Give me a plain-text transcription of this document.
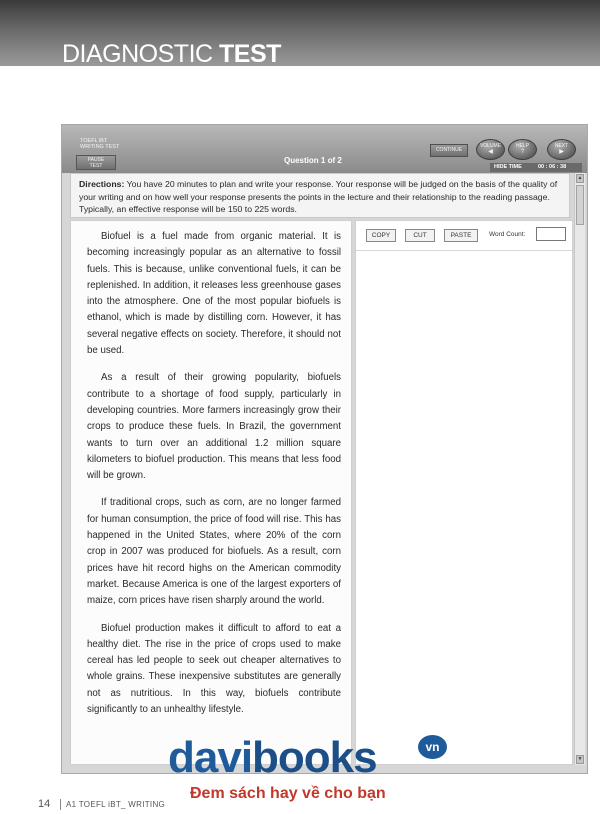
DIAGNOSTIC TEST
TOEFL iBT
WRITING TEST
PAUSE
TEST
Question 1 of 2
CONTINUE
VOLUME
◀
HELP
?
NEXT
▶
HIDE TIME	00 : 06 : 38
Directions: You have 20 minutes to plan and write your response. Your response will be judged on the basis of the quality of your writing and on how well your response presents the points in the lecture and their relationship to the reading passage. Typically, an effective response will be 150 to 225 words.

Biofuel is a fuel made from organic material. It is becoming increasingly popular as an alternative to fossil fuels. This is because, unlike conventional fuels, it can be replenished. In addition, it releases less greenhouse gases into the atmosphere. One of the most popular biofuels is ethanol, which is made by distilling corn. However, it has several negative effects on society. Therefore, it should not be used.

As a result of their growing popularity, biofuels contribute to a shortage of food supply, particularly in developing countries. More farmers increasingly grow their crops to produce these fuels. In Brazil, the government wants to turn over an additional 1.2 million square kilometers to biofuel production. This means that less food will be grown.

If traditional crops, such as corn, are no longer farmed for human consumption, the price of food will rise. This has happened in the United States, where 20% of the corn crop in 2007 was produced for biofuels. As a result, corn prices have hit record highs on the American commodity market. Because America is one of the largest exporters of maize, corn prices have risen sharply around the world.

Biofuel production makes it difficult to afford to eat a healthy diet. The rise in the price of crops used to make cereal has led people to seek out cheaper alternatives to whole grains. These inexpensive substitutes are generally not as nutritious. In this way, biofuels contribute significantly to an unhealthy lifestyle.

COPY	CUT	PASTE	Word Count:
▲
▼
davibooks	vn
Đem sách hay về cho bạn
14 A1 TOEFL iBT_ WRITING
